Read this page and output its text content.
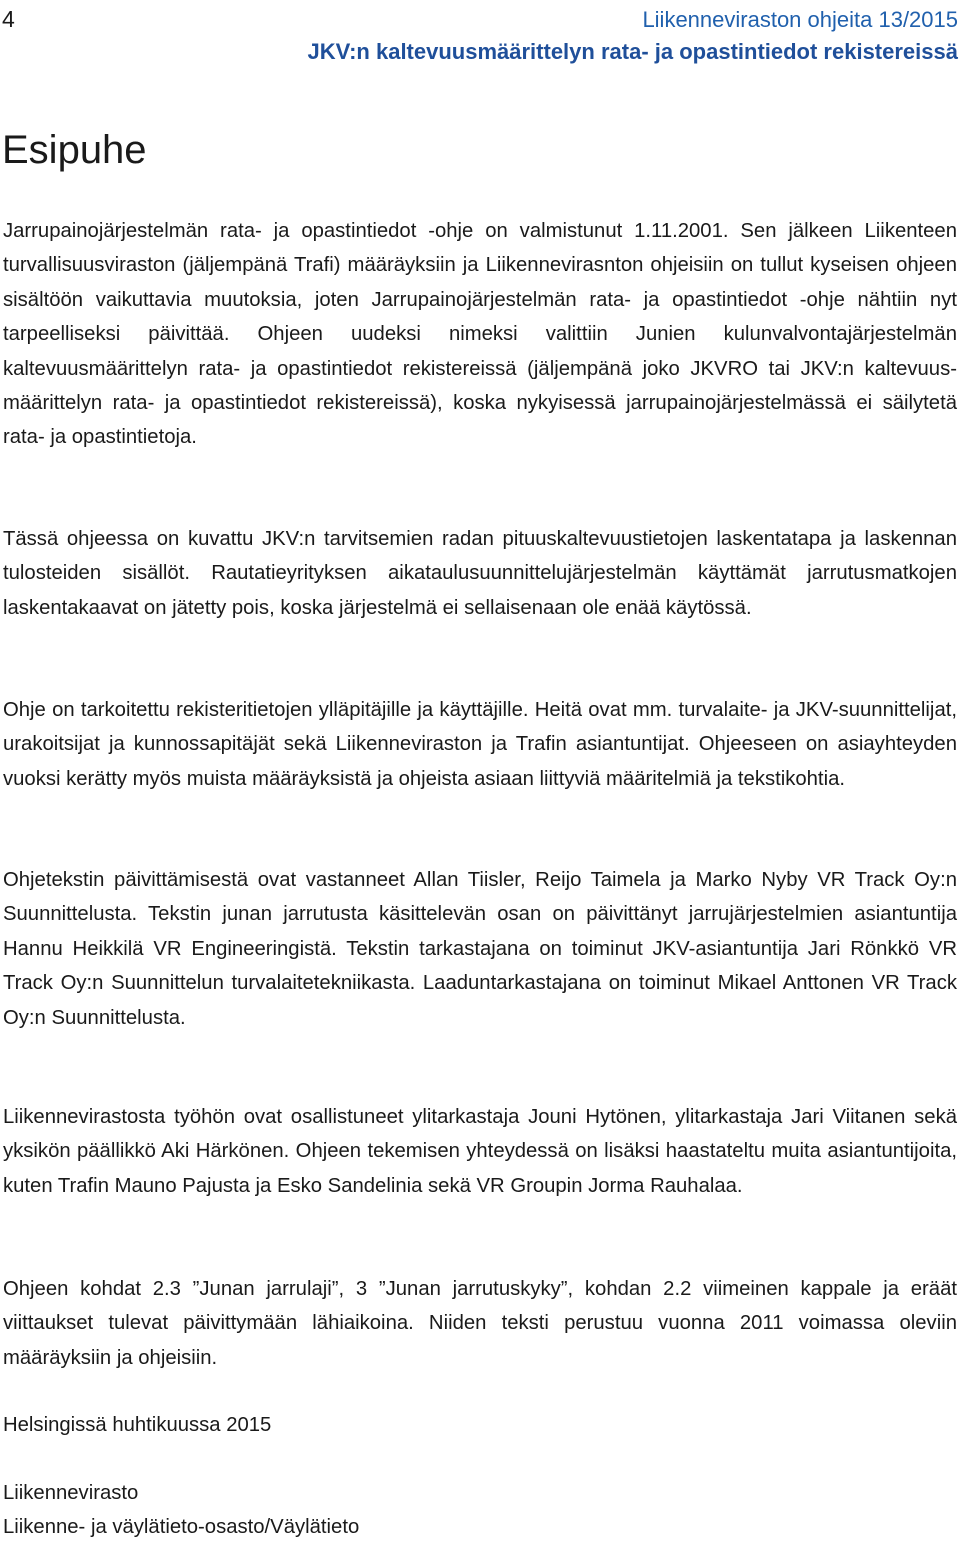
4	Liikenneviraston ohjeita 13/2015
JKV:n kaltevuusmäärittelyn rata- ja opastintiedot rekistereissä
Esipuhe

Jarrupainojärjestelmän rata- ja opastintiedot -ohje on valmistunut 1.11.2001. Sen jälkeen Liikenteen turvallisuusviraston (jäljempänä Trafi) määräyksiin ja Liikennevirasnton ohjeisiin on tullut kyseisen ohjeen sisältöön vaikuttavia muutoksia, joten Jarrupainojärjestelmän rata- ja opastintiedot -ohje nähtiin nyt tarpeelliseksi päivittää. Ohjeen uudeksi nimeksi valittiin Junien kulunvalvontajärjestelmän kaltevuusmäärittelyn rata- ja opastintiedot rekistereissä (jäljempänä joko JKVRO tai JKV:n kaltevuusmäärittelyn rata- ja opastintiedot rekistereissä), koska nykyisessä jarrupainojärjestelmässä ei säilytetä rata- ja opastintietoja.

Tässä ohjeessa on kuvattu JKV:n tarvitsemien radan pituuskaltevuustietojen laskentatapa ja laskennan tulosteiden sisällöt. Rautatieyrityksen aikataulusuunnittelujärjestelmän käyttämät jarrutusmatkojen laskentakaavat on jätetty pois, koska järjestelmä ei sellaisenaan ole enää käytössä.

Ohje on tarkoitettu rekisteritietojen ylläpitäjille ja käyttäjille. Heitä ovat mm. turvalaite- ja JKV-suunnittelijat, urakoitsijat ja kunnossapitäjät sekä Liikenneviraston ja Trafin asiantuntijat. Ohjeeseen on asiayhteyden vuoksi kerätty myös muista määräyksistä ja ohjeista asiaan liittyviä määritelmiä ja tekstikohtia.

Ohjetekstin päivittämisestä ovat vastanneet Allan Tiisler, Reijo Taimela ja Marko Nyby VR Track Oy:n Suunnittelusta. Tekstin junan jarrutusta käsittelevän osan on päivittänyt jarrujärjestelmien asiantuntija Hannu Heikkilä VR Engineeringistä. Tekstin tarkastajana on toiminut JKV-asiantuntija Jari Rönkkö VR Track Oy:n Suunnittelun turvalaitetekniikasta. Laaduntarkastajana on toiminut Mikael Anttonen VR Track Oy:n Suunnittelusta.

Liikennevirastosta työhön ovat osallistuneet ylitarkastaja Jouni Hytönen, ylitarkastaja Jari Viitanen sekä yksikön päällikkö Aki Härkönen. Ohjeen tekemisen yhteydessä on lisäksi haastateltu muita asiantuntijoita, kuten Trafin Mauno Pajusta ja Esko Sandelinia sekä VR Groupin Jorma Rauhalaa.

Ohjeen kohdat 2.3 ”Junan jarrulaji”, 3 ”Junan jarrutuskyky”, kohdan 2.2 viimeinen kappale ja eräät viittaukset tulevat päivittymään lähiaikoina. Niiden teksti perustuu vuonna 2011 voimassa oleviin määräyksiin ja ohjeisiin.

Helsingissä huhtikuussa 2015

Liikennevirasto

Liikenne- ja väylätieto-osasto/Väylätieto
